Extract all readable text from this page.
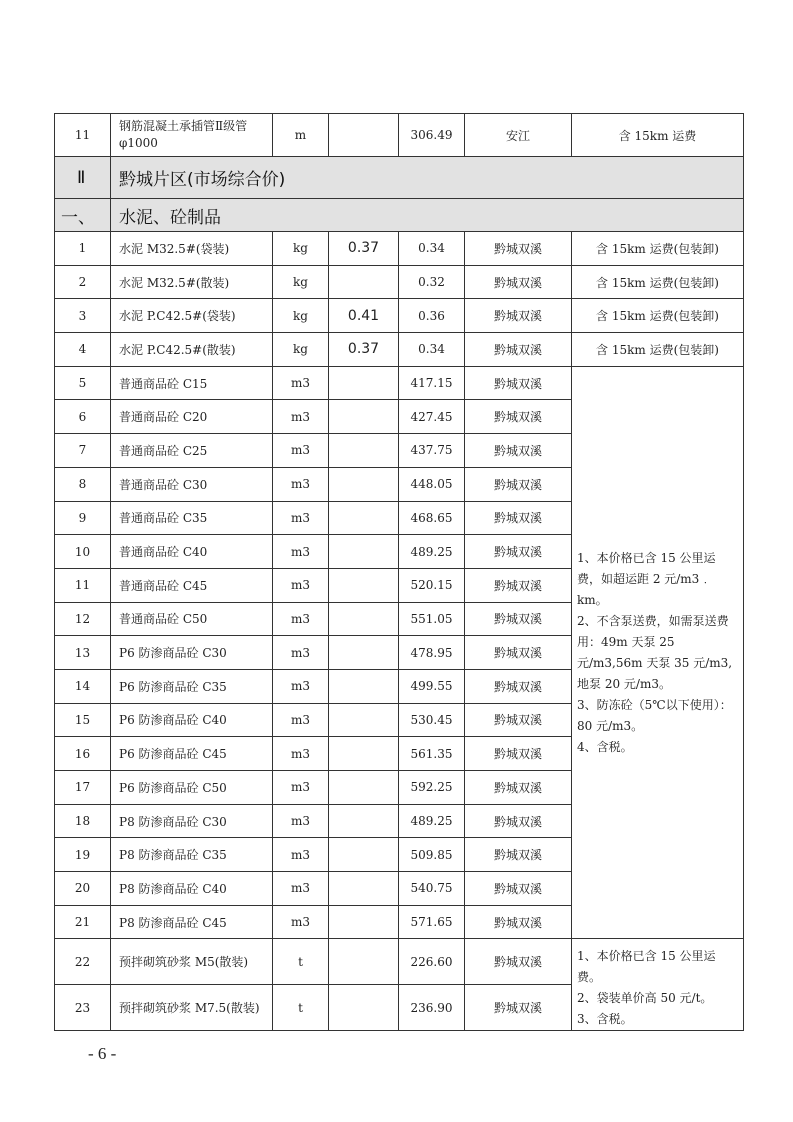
11	钢筋混凝土承插管Ⅱ级管φ1000	m		306.49	安江	含 15km 运费
Ⅱ	黔城片区(市场综合价)					
一、	水泥、砼制品					
1	水泥 M32.5#(袋装)	kg	0.37	0.34	黔城双溪	含 15km 运费(包装卸)
2	水泥 M32.5#(散装)	kg		0.32	黔城双溪	含 15km 运费(包装卸)
3	水泥 P.C42.5#(袋装)	kg	0.41	0.36	黔城双溪	含 15km 运费(包装卸)
4	水泥 P.C42.5#(散装)	kg	0.37	0.34	黔城双溪	含 15km 运费(包装卸)
5	普通商品砼 C15	m3		417.15	黔城双溪	1、本价格已含 15 公里运费，如超运距 2 元/m3﹒km。
2、不含泵送费，如需泵送费用：49m 天泵 25 元/m3,56m 天泵 35 元/m3,地泵 20 元/m3。
3、防冻砼（5℃以下使用）：80 元/m3。
4、含税。

6	普通商品砼 C20	m3		427.45	黔城双溪	
7	普通商品砼 C25	m3		437.75	黔城双溪	
8	普通商品砼 C30	m3		448.05	黔城双溪	
9	普通商品砼 C35	m3		468.65	黔城双溪	
10	普通商品砼 C40	m3		489.25	黔城双溪	
11	普通商品砼 C45	m3		520.15	黔城双溪	
12	普通商品砼 C50	m3		551.05	黔城双溪	
13	P6 防渗商品砼 C30	m3		478.95	黔城双溪	
14	P6 防渗商品砼 C35	m3		499.55	黔城双溪	
15	P6 防渗商品砼 C40	m3		530.45	黔城双溪	
16	P6 防渗商品砼 C45	m3		561.35	黔城双溪	
17	P6 防渗商品砼 C50	m3		592.25	黔城双溪	
18	P8 防渗商品砼 C30	m3		489.25	黔城双溪	
19	P8 防渗商品砼 C35	m3		509.85	黔城双溪	
20	P8 防渗商品砼 C40	m3		540.75	黔城双溪	
21	P8 防渗商品砼 C45	m3		571.65	黔城双溪	
22	预拌砌筑砂浆 M5(散装)	t		226.60	黔城双溪	1、本价格已含 15 公里运费。
2、袋装单价高 50 元/t。
3、含税。

23	预拌砌筑砂浆 M7.5(散装)	t		236.90	黔城双溪	
- 6 -
